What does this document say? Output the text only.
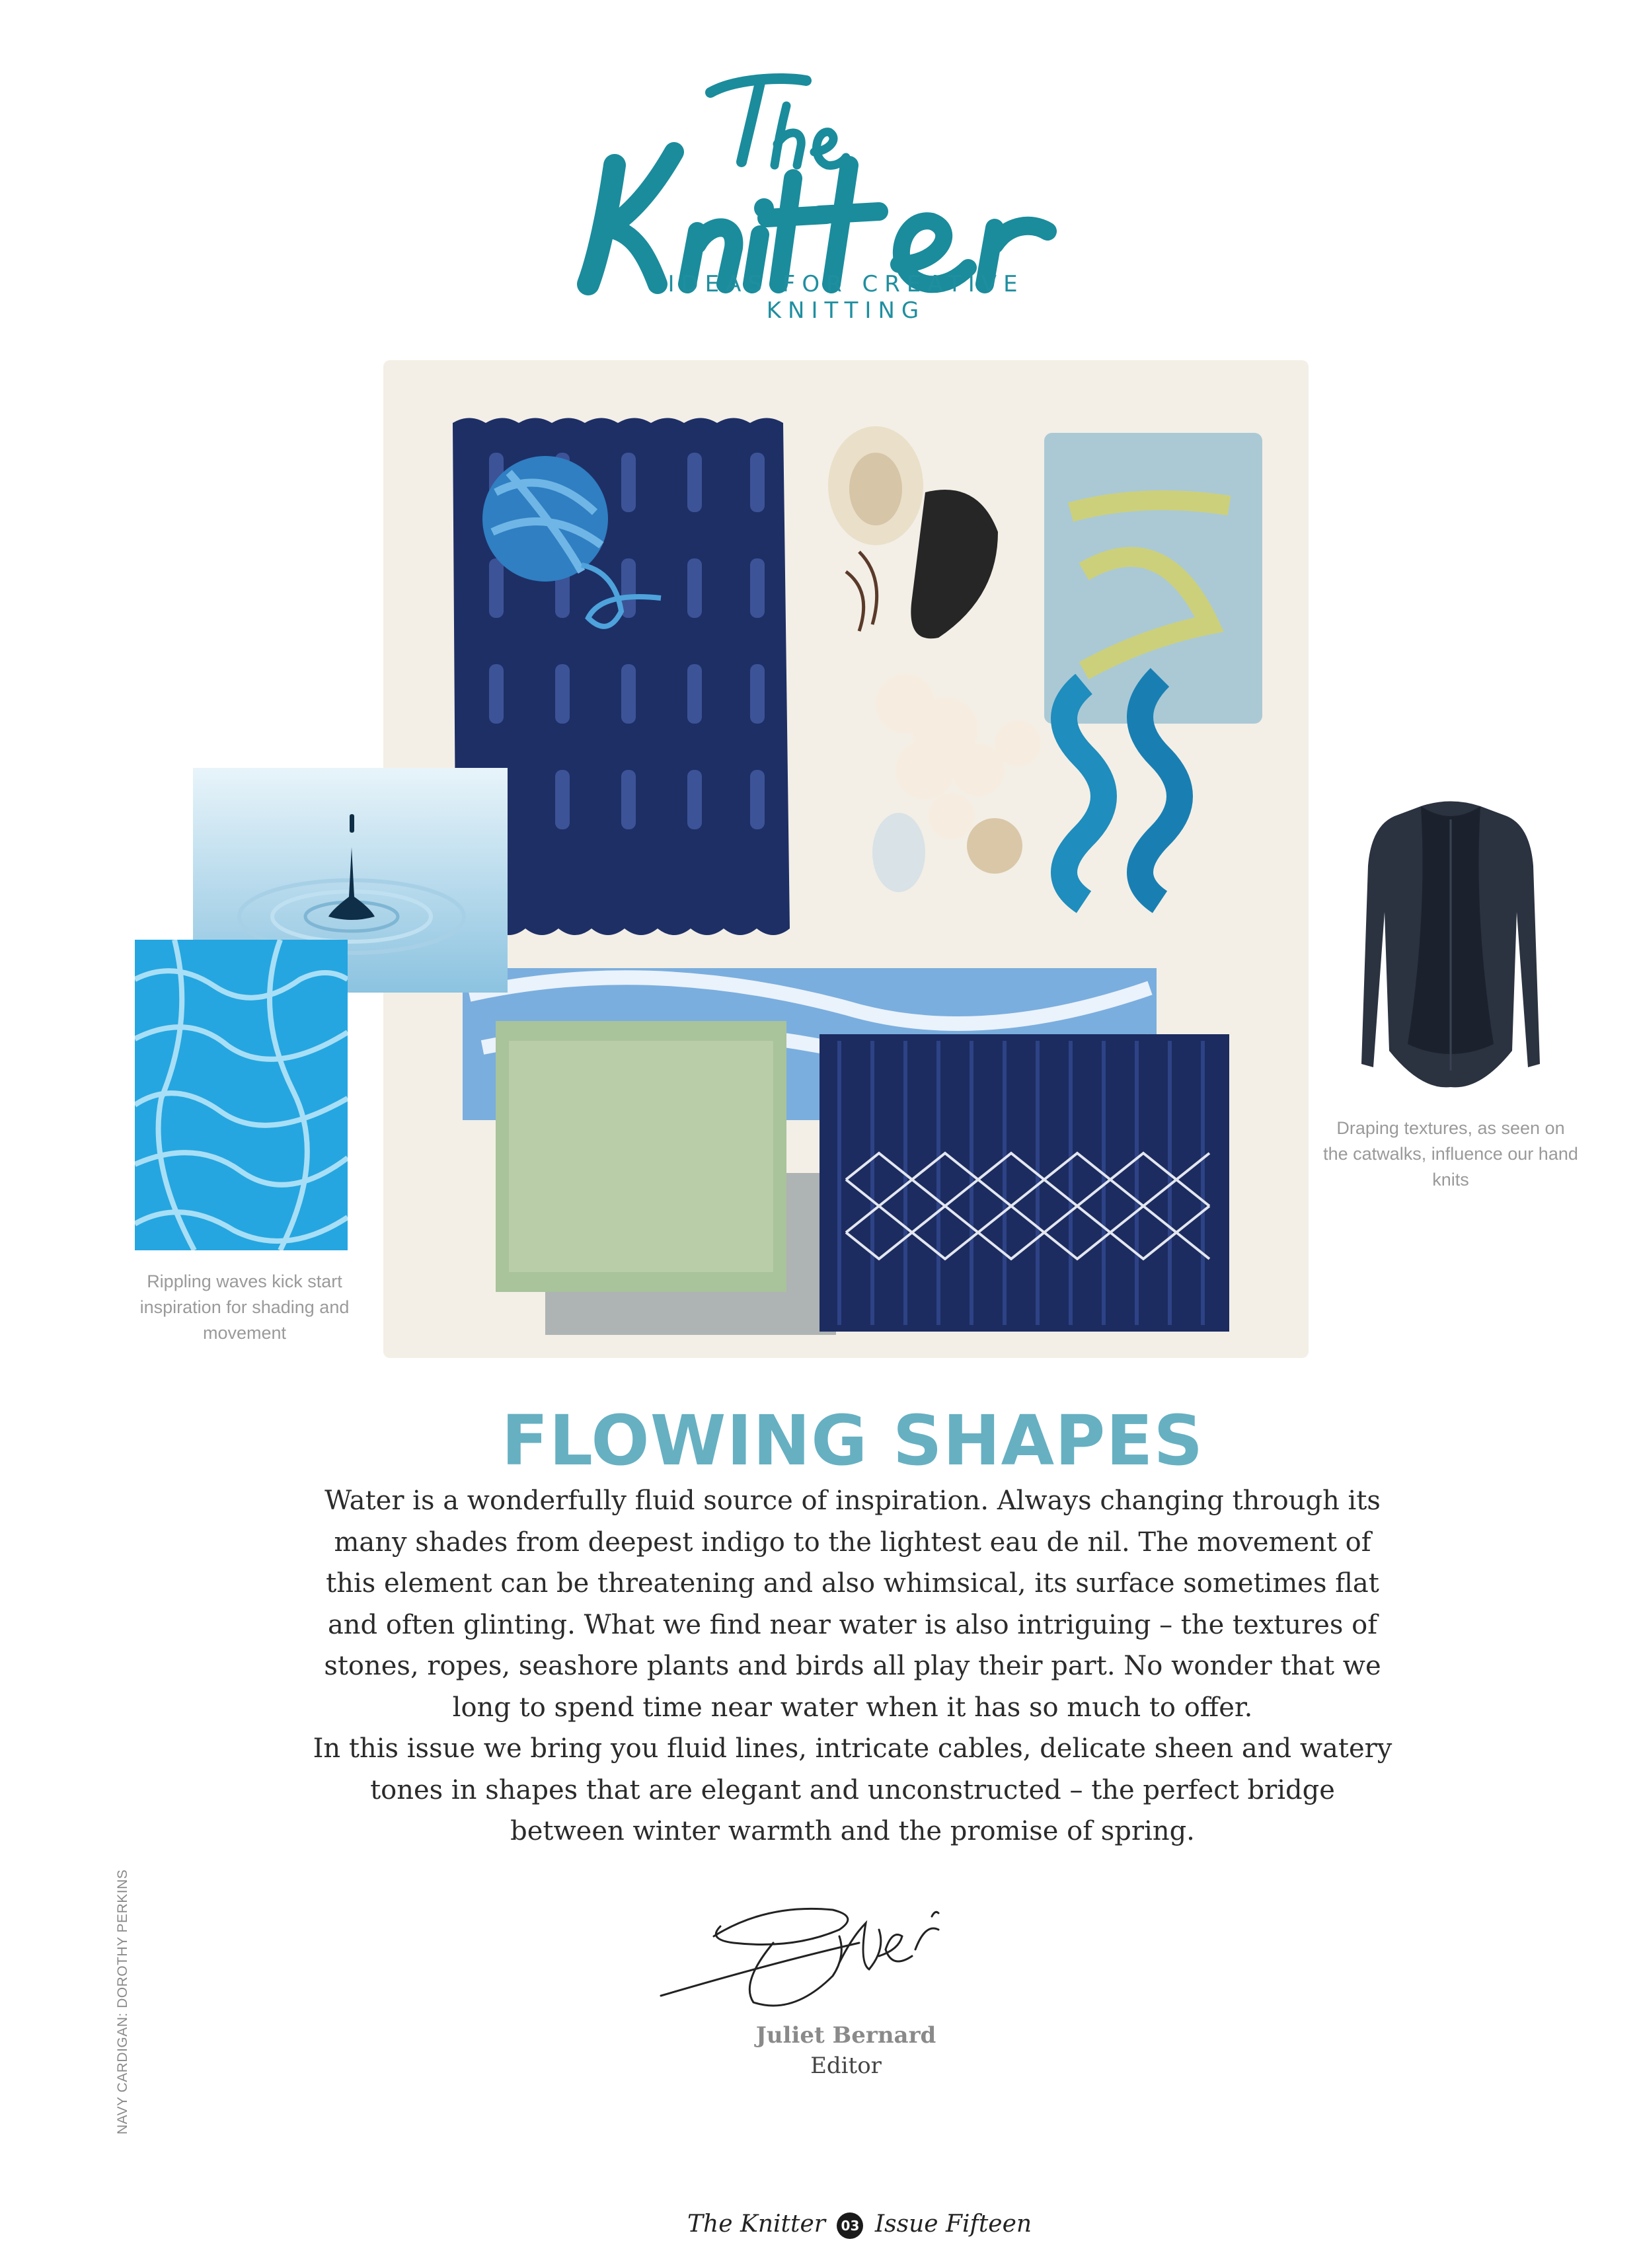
IDEAS FOR CREATIVE KNITTING
Rippling waves kick start inspiration for shading and movement
Draping textures, as seen on the catwalks, influence our hand knits
FLOWING SHAPES

Water is a wonderfully fluid source of inspiration. Always changing through its many shades from deepest indigo to the lightest eau de nil. The movement of this element can be threatening and also whimsical, its surface sometimes flat and often glinting. What we find near water is also intriguing – the textures of stones, ropes, seashore plants and birds all play their part. No wonder that we long to spend time near water when it has so much to offer.

In this issue we bring you fluid lines, intricate cables, delicate sheen and watery tones in shapes that are elegant and unconstructed – the perfect bridge between winter warmth and the promise of spring.

Juliet Bernard
Editor
NAVY CARDIGAN: DOROTHY PERKINS
The Knitter 03 Issue Fifteen
